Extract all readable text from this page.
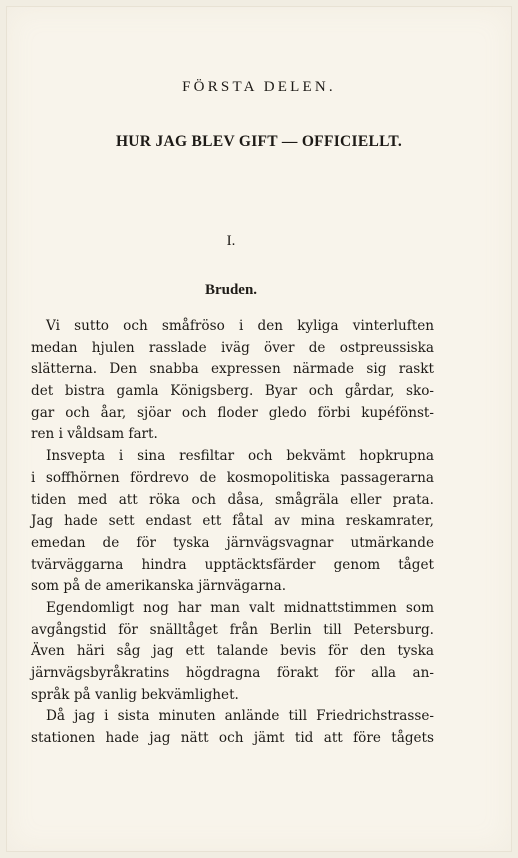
FÖRSTA DELEN.
HUR JAG BLEV GIFT — OFFICIELLT.
I.
Bruden.
Vi sutto och småfröso i den kyliga vinterluften
medan hjulen rasslade iväg över de ostpreussiska
slätterna. Den snabba expressen närmade sig raskt
det bistra gamla Königsberg. Byar och gårdar, sko-
gar och åar, sjöar och floder gledo förbi kupéfönst-
ren i våldsam fart.
Insvepta i sina resfiltar och bekvämt hopkrupna
i soffhörnen fördrevo de kosmopolitiska passagerarna
tiden med att röka och dåsa, smågräla eller prata.
Jag hade sett endast ett fåtal av mina reskamrater,
emedan de för tyska järnvägsvagnar utmärkande
tvärväggarna hindra upptäcktsfärder genom tåget
som på de amerikanska järnvägarna.
Egendomligt nog har man valt midnattstimmen som
avgångstid för snälltåget från Berlin till Petersburg.
Även häri såg jag ett talande bevis för den tyska
järnvägsbyråkratins högdragna förakt för alla an-
språk på vanlig bekvämlighet.
Då jag i sista minuten anlände till Friedrichstrasse-
stationen hade jag nätt och jämt tid att före tågets
